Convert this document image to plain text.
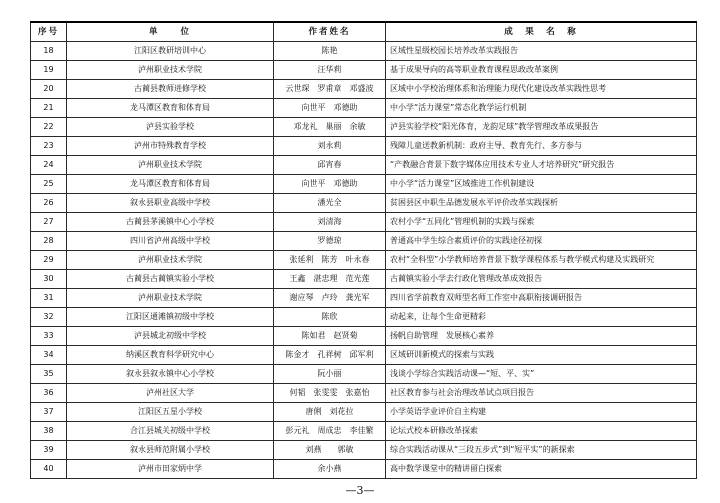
序号	单　　位	作者姓名	成　果　名　称
18	江阳区教研培训中心	陈艳	区域性星级校园长培养改革实践报告
19	泸州职业技术学院	汪华莉	基于成果导向的高等职业教育课程思政改革案例
20	古蔺县教师进修学校	云世琛　罗甫章　邓盛波	区域中小学校治理体系和治理能力现代化建设改革实践性思考
21	龙马潭区教育和体育局	向世平　邓德助	中小学“活力课堂”常态化教学运行机制
22	泸县实验学校	邓龙礼　巢丽　余敏	泸县实验学校“阳光体育，龙韵足球”教学管理改革成果报告
23	泸州市特殊教育学校	刘永莉	残障儿童送教新机制：政府主导、教育先行、多方参与
24	泸州职业技术学院	邱宵春	“产教融合背景下数字媒体应用技术专业人才培养研究”研究报告
25	龙马潭区教育和体育局	向世平　邓德助	中小学“活力课堂”区域推进工作机制建设
26	叙永县职业高级中学校	潘光全	贫困县区中职生品德发展水平评价改革实践探析
27	古蔺县茅溪镇中心小学校	刘清海	农村小学“五同化”管理机制的实践与探索
28	四川省泸州高级中学校	罗德琼	普通高中学生综合素质评价的实践途径初探
29	泸州职业技术学院	张延利　陈芳　叶永春	农村“全科型”小学教师培养背景下数学课程体系与教学模式构建及实践研究
30	古蔺县古蔺镇实验小学校	王鑫　湛忠理　范光莲	古蔺镇实验小学去行政化管理改革成效报告
31	泸州职业技术学院	谢应琴　卢玲　龚光军	四川省学前教育双师型名师工作室中高职衔接调研报告
32	江阳区通滩镇初级中学校	陈欣	动起来，让每个生命更精彩
33	泸县城北初级中学校	陈如君　赵贤菊	扬帆自助管理　发展核心素养
34	纳溪区教育科学研究中心	陈金才　孔祥树　邱军利	区域研训新模式的探索与实践
35	叙永县叙永镇中心小学校	阮小丽	浅谈小学综合实践活动课—“短、平、实”
36	泸州社区大学	何韬　张雯雯　张嘉怡	社区教育参与社会治理改革试点项目报告
37	江阳区五星小学校	唐俐　刘花拉	小学英语学业评价自主构建
38	合江县城关初级中学校	彭元礼　周成忠　李佳繁	论坛式校本研修改革探索
39	叙永县师范附属小学校	刘燕　　郭敏	综合实践活动课从“三段五步式”到“短平实”的新探索
40	泸州市田家炳中学	余小燕	高中数学课堂中的精讲留白探索
—3—
